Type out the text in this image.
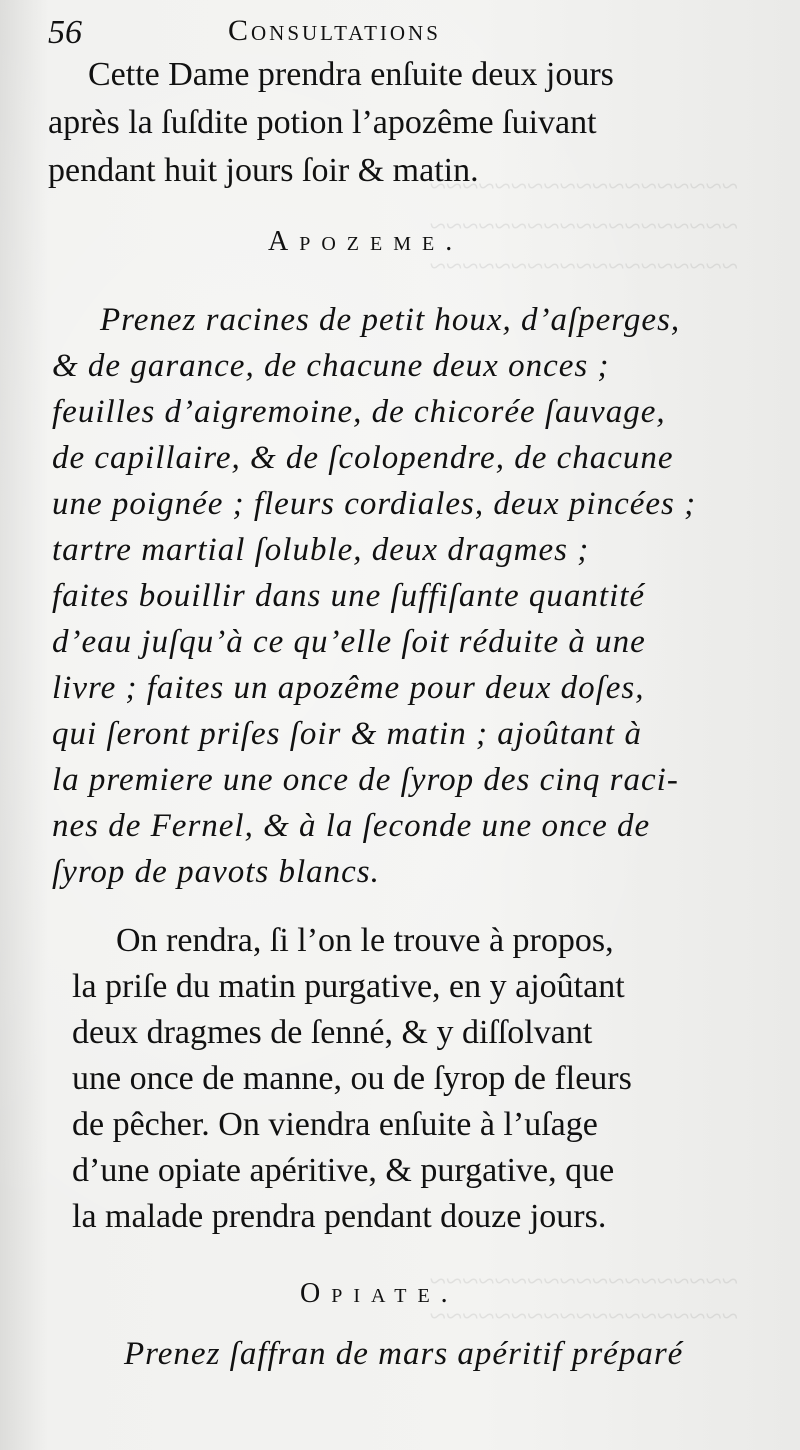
~~~~~~~~~~~~~~~~~~~
~~~~~~~~~~~~~~~~~~~
~~~~~~~~~~~~~~~~~~~
~~~~~~~~~~~~~~~~~~~
~~~~~~~~~~~~~~~~~~~
56	Consultations
Cette Dame prendra enſuite deux jours
après la ſuſdite potion l’apozême ſuivant
pendant huit jours ſoir & matin.
Apozeme.
Prenez racines de petit houx, d’aſperges,
& de garance, de chacune deux onces ;
feuilles d’aigremoine, de chicorée ſauvage,
de capillaire, & de ſcolopendre, de chacune
une poignée ; fleurs cordiales, deux pincées ;
tartre martial ſoluble, deux dragmes ;
faites bouillir dans une ſuffiſante quantité
d’eau juſqu’à ce qu’elle ſoit réduite à une
livre ; faites un apozême pour deux doſes,
qui ſeront priſes ſoir & matin ; ajoûtant à
la premiere une once de ſyrop des cinq raci-
nes de Fernel, & à la ſeconde une once de
ſyrop de pavots blancs.
On rendra, ſi l’on le trouve à propos,
la priſe du matin purgative, en y ajoûtant
deux dragmes de ſenné, & y diſſolvant
une once de manne, ou de ſyrop de fleurs
de pêcher. On viendra enſuite à l’uſage
d’une opiate apéritive, & purgative, que
la malade prendra pendant douze jours.
Opiate.
Prenez ſaffran de mars apéritif préparé
